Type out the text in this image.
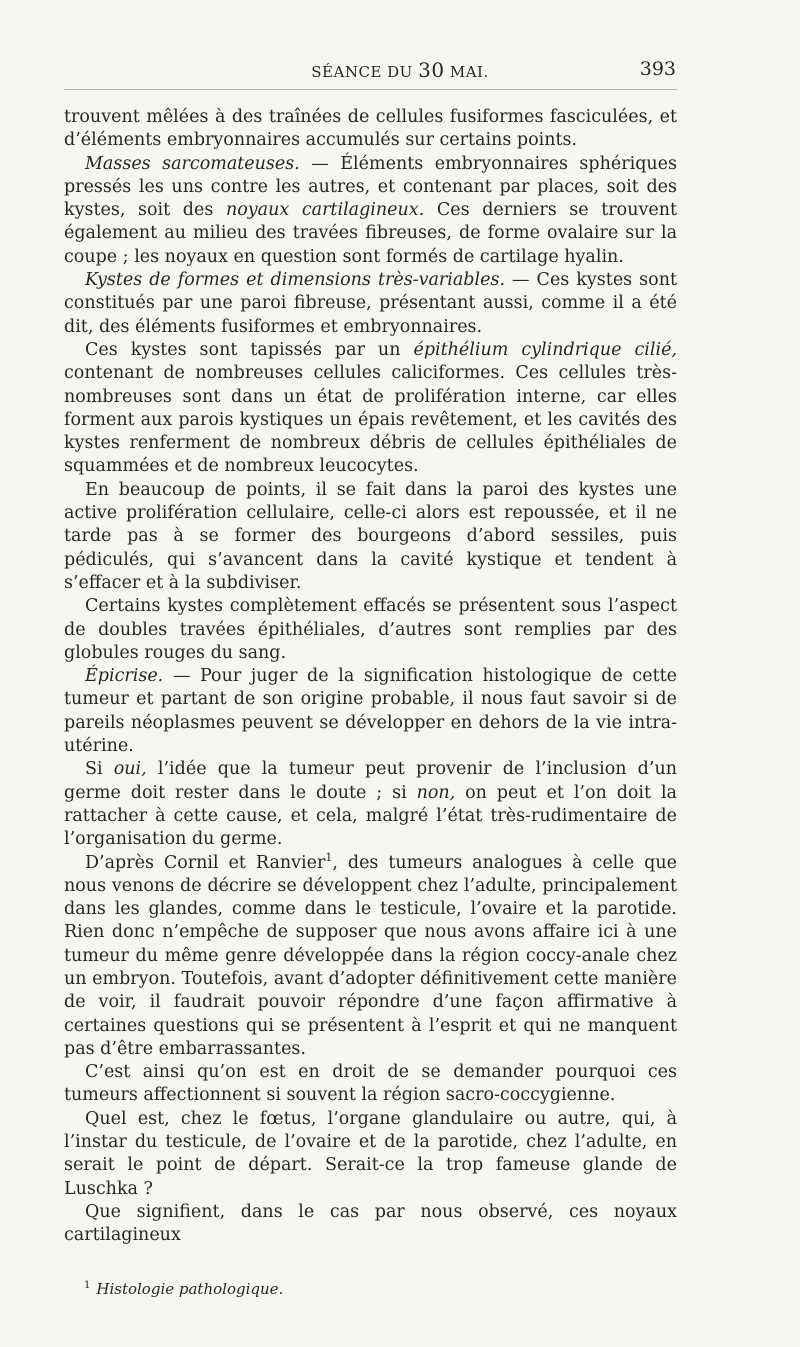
SÉANCE DU 30 MAI.	393

trouvent mêlées à des traînées de cellules fusiformes fasciculées, et d’éléments embryonnaires accumulés sur certains points.

Masses sarcomateuses. — Éléments embryonnaires sphériques pressés les uns contre les autres, et contenant par places, soit des kystes, soit des noyaux cartilagineux. Ces derniers se trouvent également au milieu des travées fibreuses, de forme ovalaire sur la coupe ; les noyaux en question sont formés de cartilage hyalin.

Kystes de formes et dimensions très-variables. — Ces kystes sont constitués par une paroi fibreuse, présentant aussi, comme il a été dit, des éléments fusiformes et embryonnaires.

Ces kystes sont tapissés par un épithélium cylindrique cilié, contenant de nombreuses cellules caliciformes. Ces cellules très-nombreuses sont dans un état de prolifération interne, car elles forment aux parois kystiques un épais revêtement, et les cavités des kystes renferment de nombreux débris de cellules épithéliales de squammées et de nombreux leucocytes.

En beaucoup de points, il se fait dans la paroi des kystes une active prolifération cellulaire, celle-ci alors est repoussée, et il ne tarde pas à se former des bourgeons d’abord sessiles, puis pédiculés, qui s’avancent dans la cavité kystique et tendent à s’effacer et à la subdiviser.

Certains kystes complètement effacés se présentent sous l’aspect de doubles travées épithéliales, d’autres sont remplies par des globules rouges du sang.

Épicrise. — Pour juger de la signification histologique de cette tumeur et partant de son origine probable, il nous faut savoir si de pareils néoplasmes peuvent se développer en dehors de la vie intra-utérine.

Si oui, l’idée que la tumeur peut provenir de l’inclusion d’un germe doit rester dans le doute ; si non, on peut et l’on doit la rattacher à cette cause, et cela, malgré l’état très-rudimentaire de l’organisation du germe.

D’après Cornil et Ranvier$^1$, des tumeurs analogues à celle que nous venons de décrire se développent chez l’adulte, principalement dans les glandes, comme dans le testicule, l’ovaire et la parotide. Rien donc n’empêche de supposer que nous avons affaire ici à une tumeur du même genre développée dans la région coccy-anale chez un embryon. Toutefois, avant d’adopter définitivement cette manière de voir, il faudrait pouvoir répondre d’une façon affirmative à certaines questions qui se présentent à l’esprit et qui ne manquent pas d’être embarrassantes.

C’est ainsi qu’on est en droit de se demander pourquoi ces tumeurs affectionnent si souvent la région sacro-coccygienne.

Quel est, chez le fœtus, l’organe glandulaire ou autre, qui, à l’instar du testicule, de l’ovaire et de la parotide, chez l’adulte, en serait le point de départ. Serait-ce la trop fameuse glande de Luschka ?

Que signifient, dans le cas par nous observé, ces noyaux cartilagineux

$^1$ Histologie pathologique.
